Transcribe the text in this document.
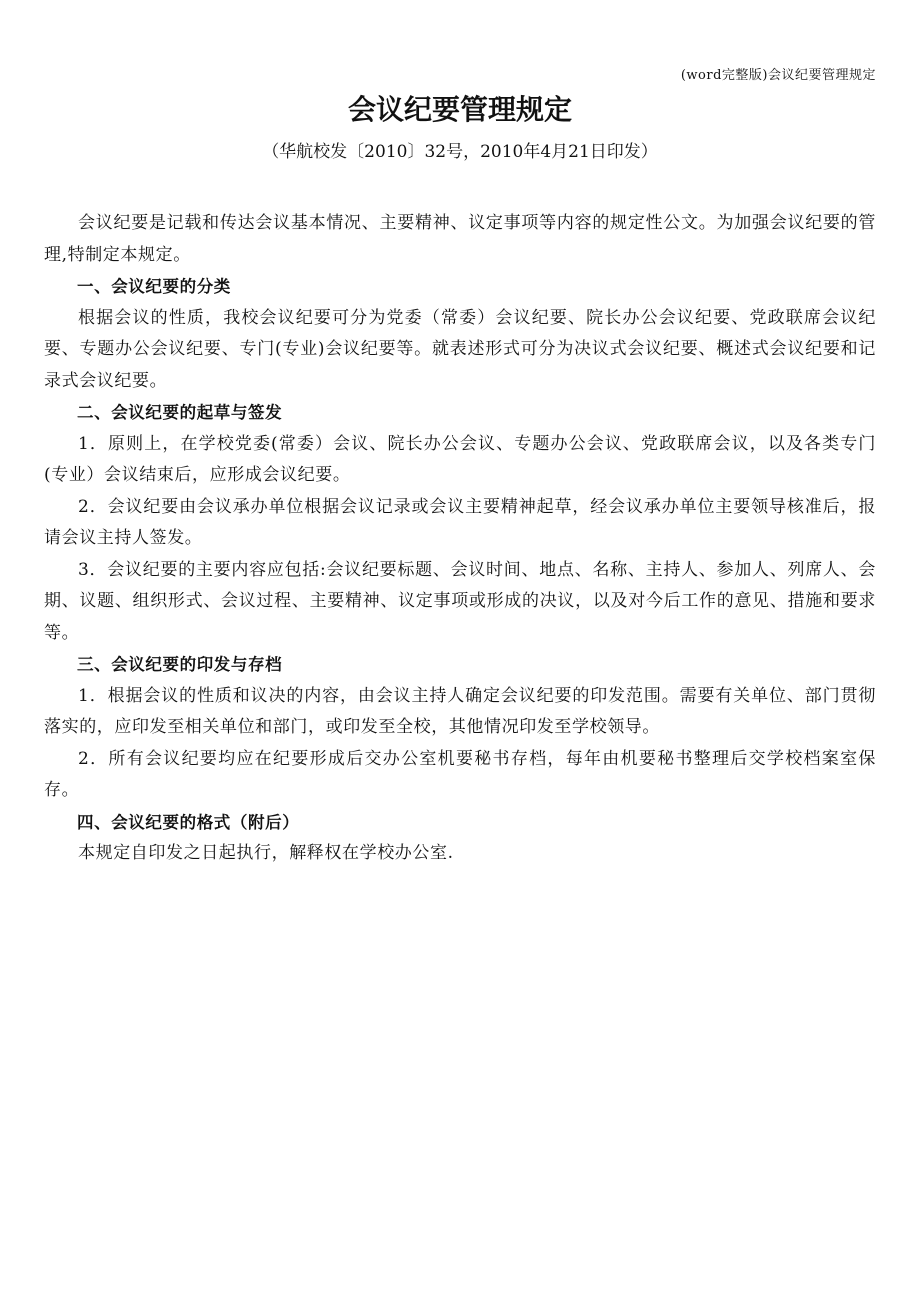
(word完整版)会议纪要管理规定
会议纪要管理规定
（华航校发〔2010〕32号，2010年4月21日印发）

会议纪要是记载和传达会议基本情况、主要精神、议定事项等内容的规定性公文。为加强会议纪要的管理,特制定本规定。

一、会议纪要的分类

根据会议的性质，我校会议纪要可分为党委（常委）会议纪要、院长办公会议纪要、党政联席会议纪要、专题办公会议纪要、专门(专业)会议纪要等。就表述形式可分为决议式会议纪要、概述式会议纪要和记录式会议纪要。

二、会议纪要的起草与签发

1．原则上，在学校党委(常委）会议、院长办公会议、专题办公会议、党政联席会议，以及各类专门(专业）会议结束后，应形成会议纪要。

2．会议纪要由会议承办单位根据会议记录或会议主要精神起草，经会议承办单位主要领导核准后，报请会议主持人签发。

3．会议纪要的主要内容应包括:会议纪要标题、会议时间、地点、名称、主持人、参加人、列席人、会期、议题、组织形式、会议过程、主要精神、议定事项或形成的决议，以及对今后工作的意见、措施和要求等。

三、会议纪要的印发与存档

1．根据会议的性质和议决的内容，由会议主持人确定会议纪要的印发范围。需要有关单位、部门贯彻落实的，应印发至相关单位和部门，或印发至全校，其他情况印发至学校领导。

2．所有会议纪要均应在纪要形成后交办公室机要秘书存档，每年由机要秘书整理后交学校档案室保存。

四、会议纪要的格式（附后）

本规定自印发之日起执行，解释权在学校办公室.
